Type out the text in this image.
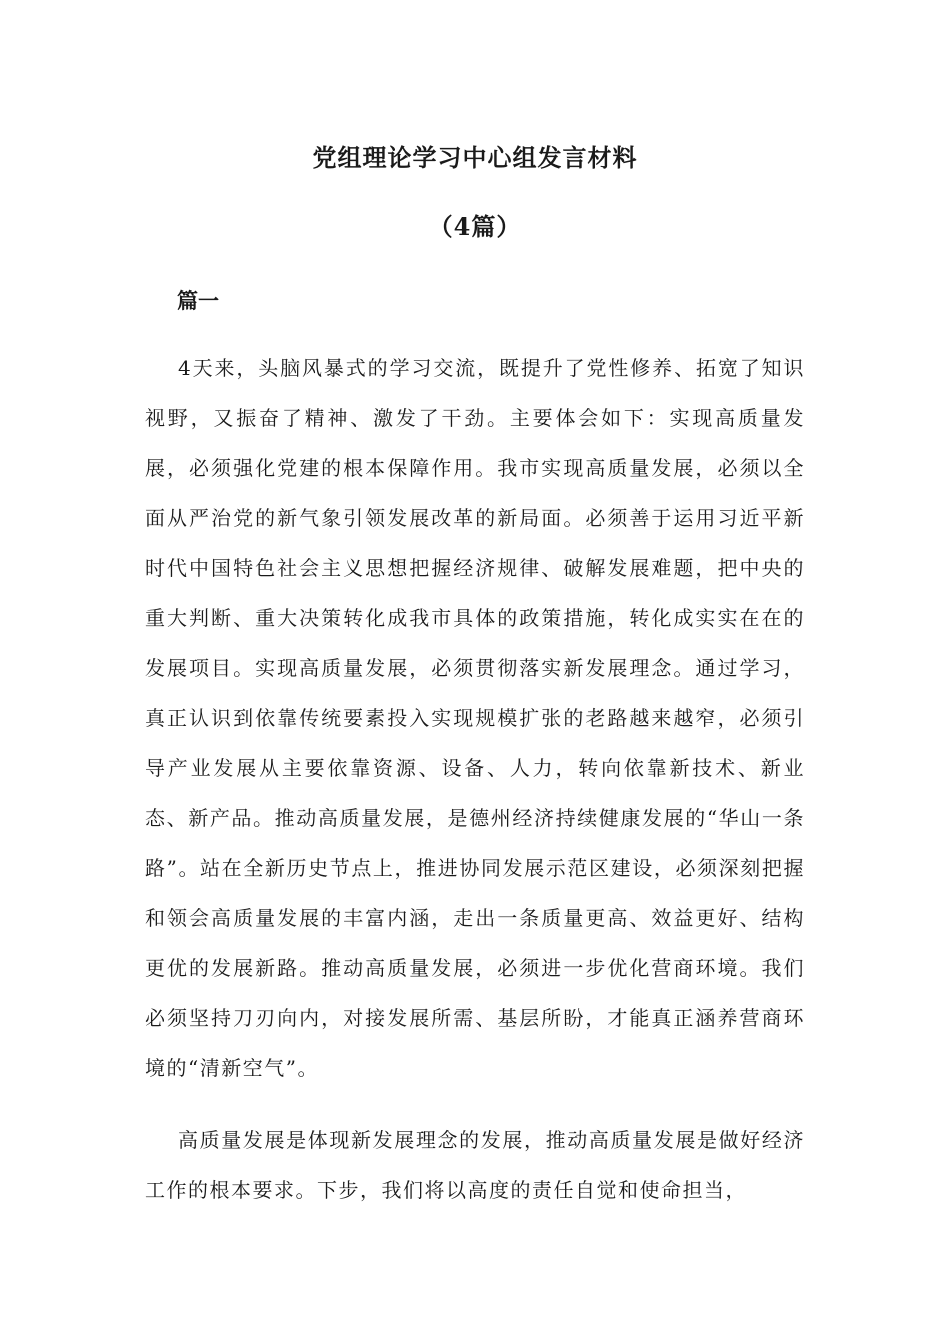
党组理论学习中心组发言材料
（4篇）
篇一

4天来，头脑风暴式的学习交流，既提升了党性修养、拓宽了知识视野，又振奋了精神、激发了干劲。主要体会如下：实现高质量发展，必须强化党建的根本保障作用。我市实现高质量发展，必须以全面从严治党的新气象引领发展改革的新局面。必须善于运用习近平新时代中国特色社会主义思想把握经济规律、破解发展难题，把中央的重大判断、重大决策转化成我市具体的政策措施，转化成实实在在的发展项目。实现高质量发展，必须贯彻落实新发展理念。通过学习，真正认识到依靠传统要素投入实现规模扩张的老路越来越窄，必须引导产业发展从主要依靠资源、设备、人力，转向依靠新技术、新业态、新产品。推动高质量发展，是德州经济持续健康发展的“华山一条路”。站在全新历史节点上，推进协同发展示范区建设，必须深刻把握和领会高质量发展的丰富内涵，走出一条质量更高、效益更好、结构更优的发展新路。推动高质量发展，必须进一步优化营商环境。我们必须坚持刀刃向内，对接发展所需、基层所盼，才能真正涵养营商环境的“清新空气”。

高质量发展是体现新发展理念的发展，推动高质量发展是做好经济工作的根本要求。下步，我们将以高度的责任自觉和使命担当，
